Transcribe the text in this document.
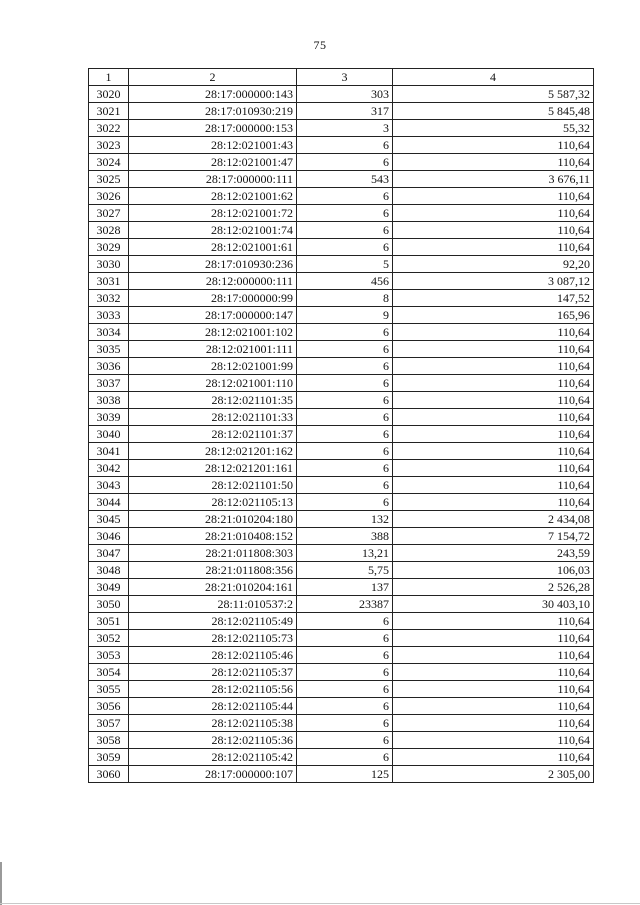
75
1	2	3	4
3020	28:17:000000:143	303	5 587,32
3021	28:17:010930:219	317	5 845,48
3022	28:17:000000:153	3	55,32
3023	28:12:021001:43	6	110,64
3024	28:12:021001:47	6	110,64
3025	28:17:000000:111	543	3 676,11
3026	28:12:021001:62	6	110,64
3027	28:12:021001:72	6	110,64
3028	28:12:021001:74	6	110,64
3029	28:12:021001:61	6	110,64
3030	28:17:010930:236	5	92,20
3031	28:12:000000:111	456	3 087,12
3032	28:17:000000:99	8	147,52
3033	28:17:000000:147	9	165,96
3034	28:12:021001:102	6	110,64
3035	28:12:021001:111	6	110,64
3036	28:12:021001:99	6	110,64
3037	28:12:021001:110	6	110,64
3038	28:12:021101:35	6	110,64
3039	28:12:021101:33	6	110,64
3040	28:12:021101:37	6	110,64
3041	28:12:021201:162	6	110,64
3042	28:12:021201:161	6	110,64
3043	28:12:021101:50	6	110,64
3044	28:12:021105:13	6	110,64
3045	28:21:010204:180	132	2 434,08
3046	28:21:010408:152	388	7 154,72
3047	28:21:011808:303	13,21	243,59
3048	28:21:011808:356	5,75	106,03
3049	28:21:010204:161	137	2 526,28
3050	28:11:010537:2	23387	30 403,10
3051	28:12:021105:49	6	110,64
3052	28:12:021105:73	6	110,64
3053	28:12:021105:46	6	110,64
3054	28:12:021105:37	6	110,64
3055	28:12:021105:56	6	110,64
3056	28:12:021105:44	6	110,64
3057	28:12:021105:38	6	110,64
3058	28:12:021105:36	6	110,64
3059	28:12:021105:42	6	110,64
3060	28:17:000000:107	125	2 305,00
